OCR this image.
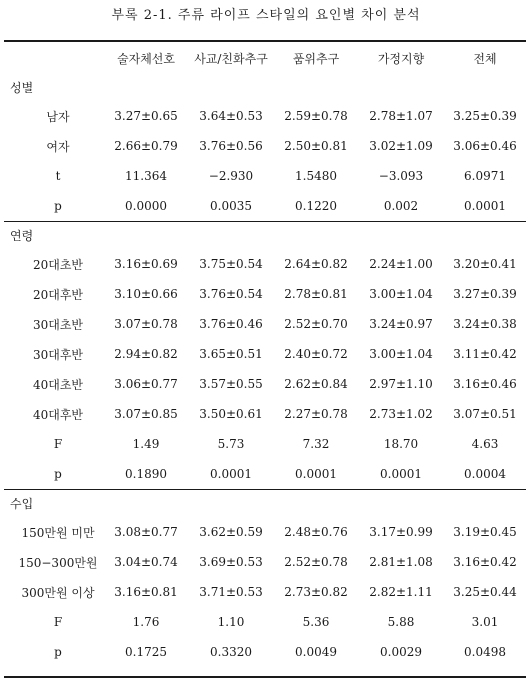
부록 2-1. 주류 라이프 스타일의 요인별 차이 분석
	술자체선호	사교/친화추구	품위추구	가정지향	전체
성별					
남자	3.27±0.65	3.64±0.53	2.59±0.78	2.78±1.07	3.25±0.39
여자	2.66±0.79	3.76±0.56	2.50±0.81	3.02±1.09	3.06±0.46
t	11.364	−2.930	1.5480	−3.093	6.0971
p	0.0000	0.0035	0.1220	0.002	0.0001
연령					
20대초반	3.16±0.69	3.75±0.54	2.64±0.82	2.24±1.00	3.20±0.41
20대후반	3.10±0.66	3.76±0.54	2.78±0.81	3.00±1.04	3.27±0.39
30대초반	3.07±0.78	3.76±0.46	2.52±0.70	3.24±0.97	3.24±0.38
30대후반	2.94±0.82	3.65±0.51	2.40±0.72	3.00±1.04	3.11±0.42
40대초반	3.06±0.77	3.57±0.55	2.62±0.84	2.97±1.10	3.16±0.46
40대후반	3.07±0.85	3.50±0.61	2.27±0.78	2.73±1.02	3.07±0.51
F	1.49	5.73	7.32	18.70	4.63
p	0.1890	0.0001	0.0001	0.0001	0.0004
수입					
150만원 미만	3.08±0.77	3.62±0.59	2.48±0.76	3.17±0.99	3.19±0.45
150−300만원	3.04±0.74	3.69±0.53	2.52±0.78	2.81±1.08	3.16±0.42
300만원 이상	3.16±0.81	3.71±0.53	2.73±0.82	2.82±1.11	3.25±0.44
F	1.76	1.10	5.36	5.88	3.01
p	0.1725	0.3320	0.0049	0.0029	0.0498
